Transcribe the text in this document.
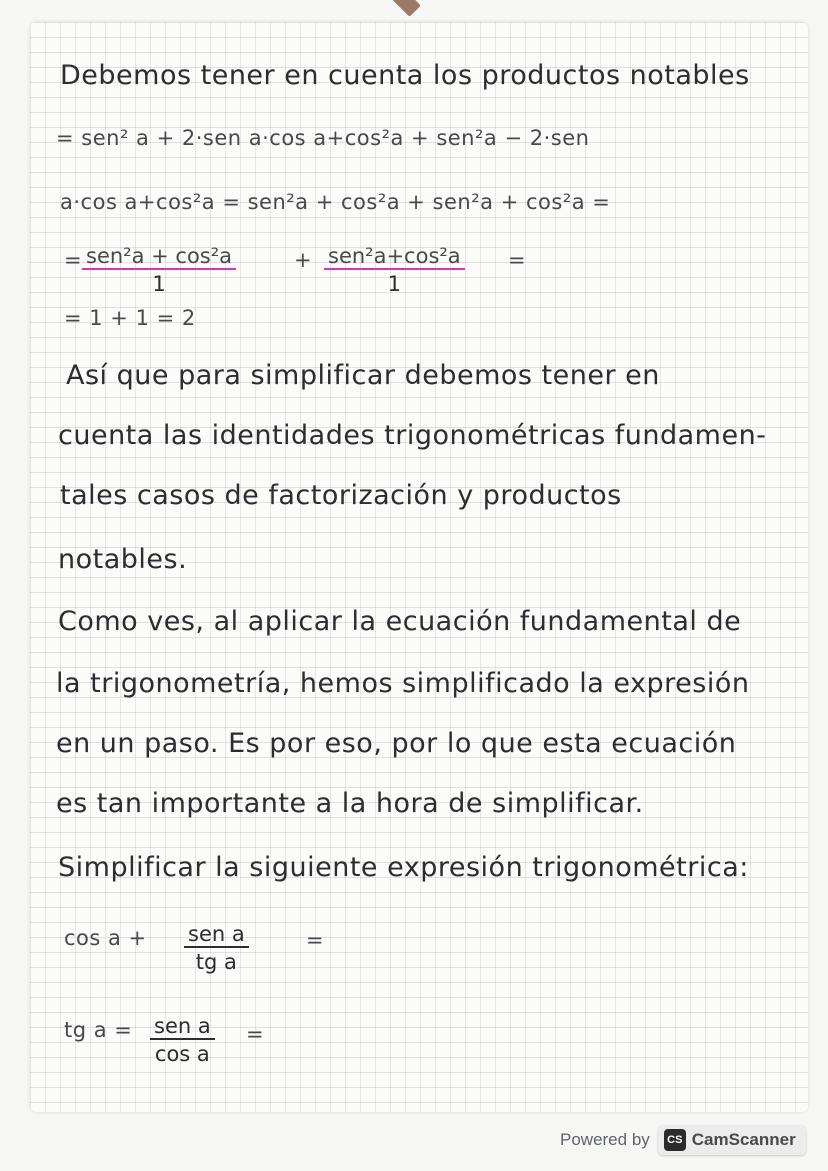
Debemos tener en cuenta los productos notables
= sen² a + 2·sen a·cos a+cos²a + sen²a − 2·sen
a·cos a+cos²a = sen²a + cos²a + sen²a + cos²a =
= sen²a + cos²a
1
+ sen²a+cos²a
1
=
= 1 + 1 = 2
Así que para simplificar debemos tener en
cuenta las identidades trigonométricas fundamen-
tales casos de factorización y productos
notables.
Como ves, al aplicar la ecuación fundamental de
la trigonometría, hemos simplificado la expresión
en un paso. Es por eso, por lo que esta ecuación
es tan importante a la hora de simplificar.
Simplificar la siguiente expresión trigonométrica:
cos a + sen a
tg a
=
tg a = sen a
cos a
=
Powered by	CS CamScanner
